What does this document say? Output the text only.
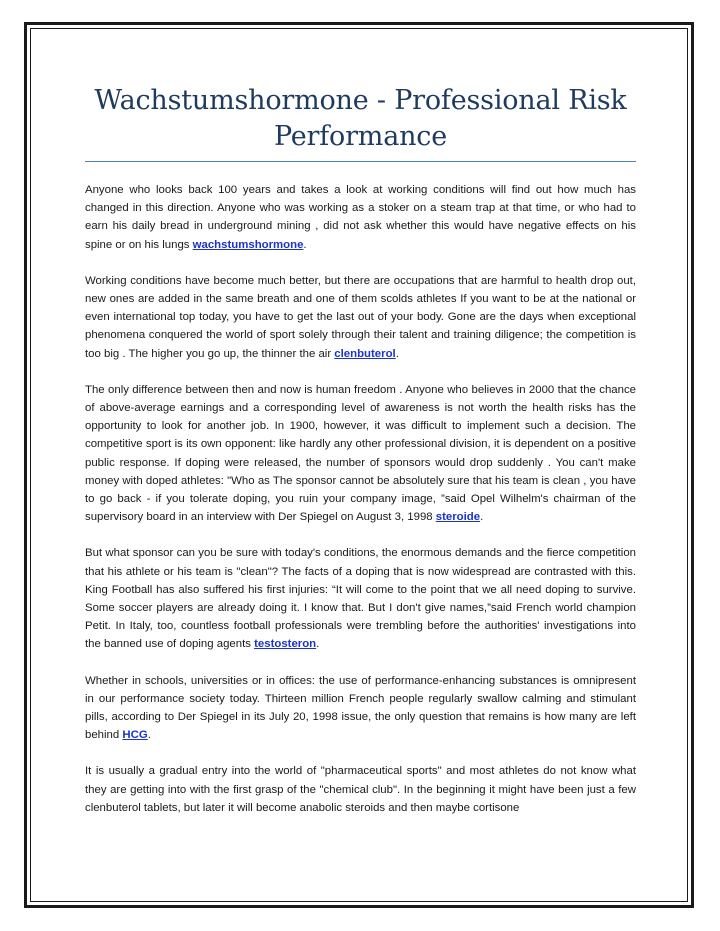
Wachstumshormone - Professional Risk Performance

Anyone who looks back 100 years and takes a look at working conditions will find out how much has changed in this direction. Anyone who was working as a stoker on a steam trap at that time, or who had to earn his daily bread in underground mining , did not ask whether this would have negative effects on his spine or on his lungs wachstumshormone.

Working conditions have become much better, but there are occupations that are harmful to health drop out, new ones are added in the same breath and one of them scolds athletes If you want to be at the national or even international top today, you have to get the last out of your body. Gone are the days when exceptional phenomena conquered the world of sport solely through their talent and training diligence; the competition is too big . The higher you go up, the thinner the air clenbuterol.

The only difference between then and now is human freedom . Anyone who believes in 2000 that the chance of above-average earnings and a corresponding level of awareness is not worth the health risks has the opportunity to look for another job. In 1900, however, it was difficult to implement such a decision. The competitive sport is its own opponent: like hardly any other professional division, it is dependent on a positive public response. If doping were released, the number of sponsors would drop suddenly . You can't make money with doped athletes: "Who as The sponsor cannot be absolutely sure that his team is clean , you have to go back - if you tolerate doping, you ruin your company image, ”said Opel Wilhelm's chairman of the supervisory board in an interview with Der Spiegel on August 3, 1998 steroide.

But what sponsor can you be sure with today's conditions, the enormous demands and the fierce competition that his athlete or his team is "clean"? The facts of a doping that is now widespread are contrasted with this. King Football has also suffered his first injuries: “It will come to the point that we all need doping to survive. Some soccer players are already doing it. I know that. But I don't give names,”said French world champion Petit. In Italy, too, countless football professionals were trembling before the authorities' investigations into the banned use of doping agents testosteron.

Whether in schools, universities or in offices: the use of performance-enhancing substances is omnipresent in our performance society today. Thirteen million French people regularly swallow calming and stimulant pills, according to Der Spiegel in its July 20, 1998 issue, the only question that remains is how many are left behind HCG.

It is usually a gradual entry into the world of "pharmaceutical sports" and most athletes do not know what they are getting into with the first grasp of the "chemical club". In the beginning it might have been just a few clenbuterol tablets, but later it will become anabolic steroids and then maybe cortisone
